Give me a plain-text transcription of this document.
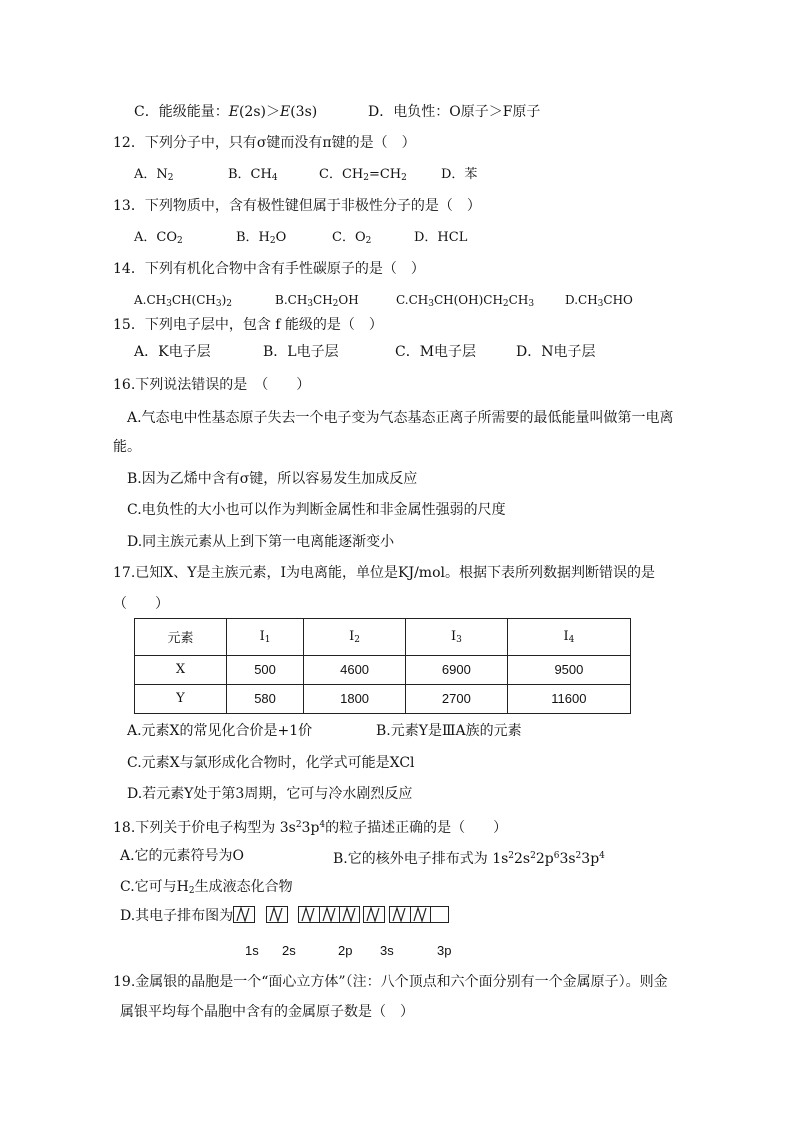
C．能级能量：E(2s)＞E(3s)	D．电负性：O原子＞F原子
12．下列分子中，只有σ键而没有π键的是（　）
A．$N_2$	B．$CH_4$	C．$CH_2=CH_2$	D．苯
13．下列物质中，含有极性键但属于非极性分子的是（　）
A．$CO_2$	B．$H_2O$	C．$O_2$	D．HCL
14．下列有机化合物中含有手性碳原子的是（　）
$A.CH_3CH(CH_3)_2$	$B.CH_3CH_2OH$	$C.CH_3CH(OH)CH_2CH_3$	$D.CH_3CHO$
15．下列电子层中，包含 f 能级的是（　）
A．K电子层	B．L电子层	C．M电子层	D．N电子层
16.下列说法错误的是　（　　）
A.气态电中性基态原子失去一个电子变为气态基态正离子所需要的最低能量叫做第一电离
能。
B.因为乙烯中含有σ键，所以容易发生加成反应
C.电负性的大小也可以作为判断金属性和非金属性强弱的尺度
D.同主族元素从上到下第一电离能逐渐变小
17.已知X、Y是主族元素，I为电离能，单位是KJ/mol。根据下表所列数据判断错误的是
（　　）
元素	$I_1$	$I_2$	$I_3$	$I_4$
X	500	4600	6900	9500
Y	580	1800	2700	11600
A.元素X的常见化合价是+1价	B.元素Y是ⅢA族的元素
C.元素X与氯形成化合物时，化学式可能是XCl
D.若元素Y处于第3周期，它可与冷水剧烈反应
18.下列关于价电子构型为 $3s^23p^4$的粒子描述正确的是（　　）
A.它的元素符号为O	B.它的核外电子排布式为 $1s^22s^22p^63s^23p^4$
C.它可与$H_2$生成液态化合物
D.其电子排布图为
1s 2s	2p 3s	3p
19.金属银的晶胞是一个“面心立方体”（注：八个顶点和六个面分别有一个金属原子）。则金
属银平均每个晶胞中含有的金属原子数是（　）
